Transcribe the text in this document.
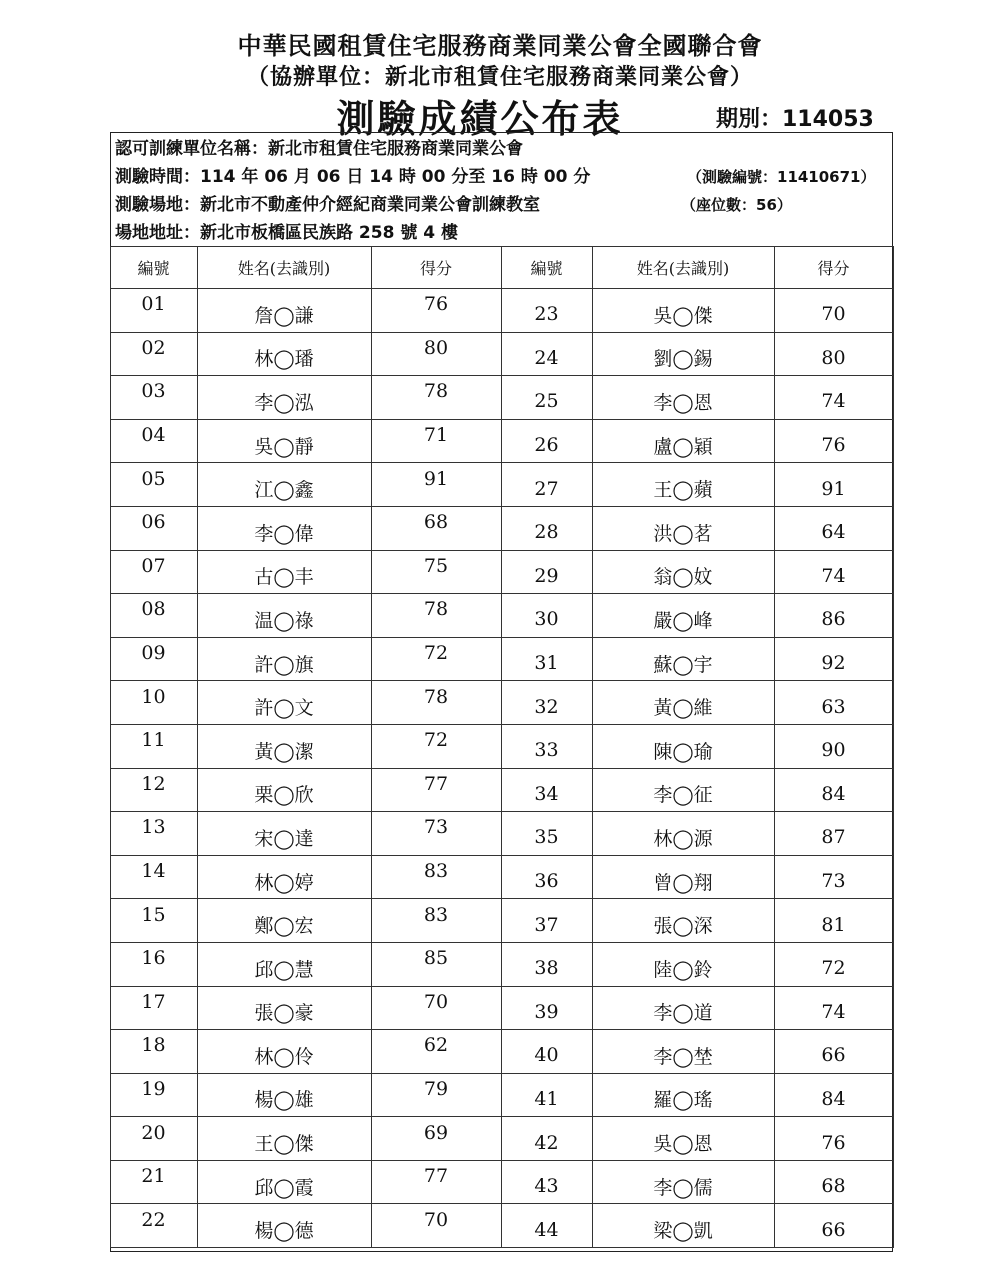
中華民國租賃住宅服務商業同業公會全國聯合會
（協辦單位：新北市租賃住宅服務商業同業公會）
測驗成績公布表	期別：114053
認可訓練單位名稱：新北市租賃住宅服務商業同業公會
測驗時間：114 年 06 月 06 日 14 時 00 分至 16 時 00 分	（測驗編號：11410671）
測驗場地：新北市不動產仲介經紀商業同業公會訓練教室	（座位數：56）
場地地址：新北市板橋區民族路 258 號 4 樓
編號	姓名(去識別)	得分	編號	姓名(去識別)	得分
01	詹◯謙	76	23	吳◯傑	70
02	林◯璠	80	24	劉◯錫	80
03	李◯泓	78	25	李◯恩	74
04	吳◯靜	71	26	盧◯穎	76
05	江◯鑫	91	27	王◯蘋	91
06	李◯偉	68	28	洪◯茗	64
07	古◯丰	75	29	翁◯妏	74
08	温◯祿	78	30	嚴◯峰	86
09	許◯旗	72	31	蘇◯宇	92
10	許◯文	78	32	黃◯維	63
11	黃◯潔	72	33	陳◯瑜	90
12	栗◯欣	77	34	李◯征	84
13	宋◯達	73	35	林◯源	87
14	林◯婷	83	36	曾◯翔	73
15	鄭◯宏	83	37	張◯深	81
16	邱◯慧	85	38	陸◯鈴	72
17	張◯豪	70	39	李◯道	74
18	林◯伶	62	40	李◯埜	66
19	楊◯雄	79	41	羅◯瑤	84
20	王◯傑	69	42	吳◯恩	76
21	邱◯霞	77	43	李◯儒	68
22	楊◯德	70	44	梁◯凱	66
